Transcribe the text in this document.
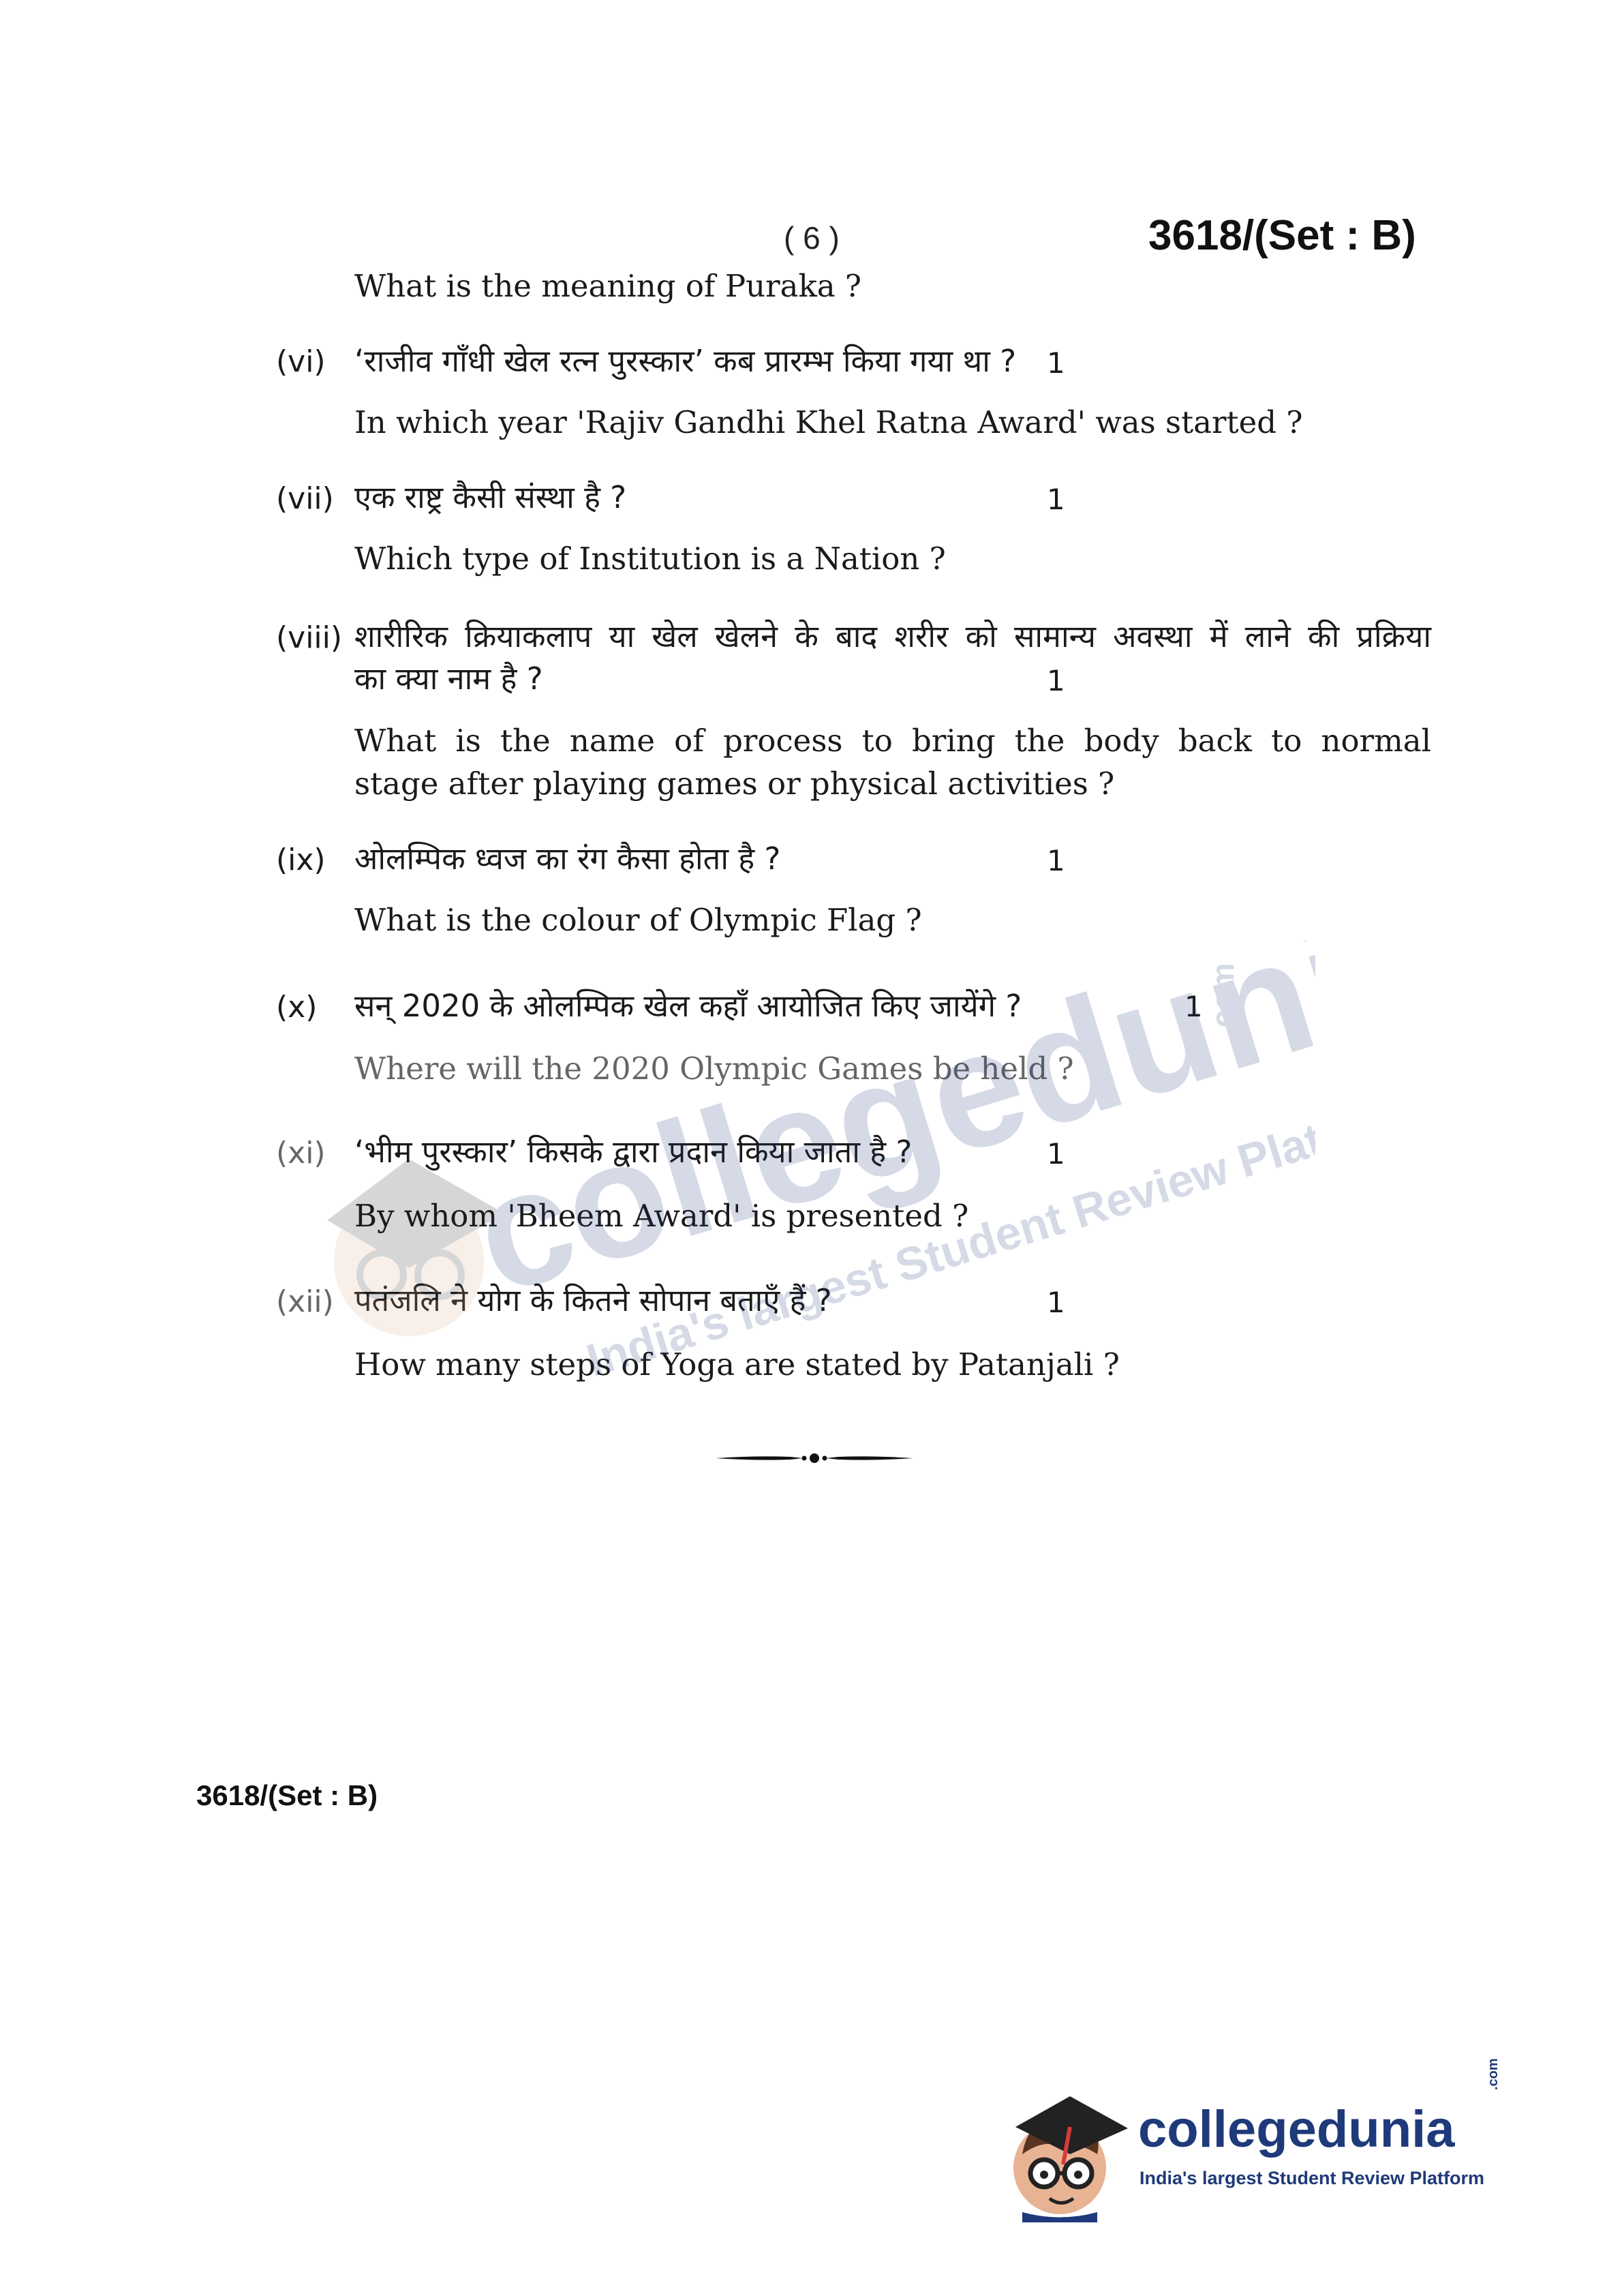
( 6 )	3618/(Set : B)
What is the meaning of Puraka ?
(vi) ‘राजीव गाँधी खेल रत्न पुरस्कार’ कब प्रारम्भ किया गया था ? 1
In which year 'Rajiv Gandhi Khel Ratna Award' was started ?
(vii) एक राष्ट्र कैसी संस्था है ?	1
Which type of Institution is a Nation ?
(viii) शारीरिक क्रियाकलाप या खेल खेलने के बाद शरीर को सामान्य अवस्था में लाने की प्रक्रिया
का क्या नाम है ?	1
What is the name of process to bring the body back to normal
stage after playing games or physical activities ?
(ix) ओलम्पिक ध्वज का रंग कैसा होता है ?	1
What is the colour of Olympic Flag ?
(x) सन् 2020 के ओलम्पिक खेल कहाँ आयोजित किए जायेंगे ?	1
Where will the 2020 Olympic Games be held ?
(xi) ‘भीम पुरस्कार’ किसके द्वारा प्रदान किया जाता है ?	1
By whom 'Bheem Award' is presented ?
(xii) पतंजलि ने योग के कितने सोपान बताएँ हैं ?	1
How many steps of Yoga are stated by Patanjali ?
collegedunia
India's largest Student Review Platform
.com
3618/(Set : B)
collegedunia
.com
India's largest Student Review Platform
